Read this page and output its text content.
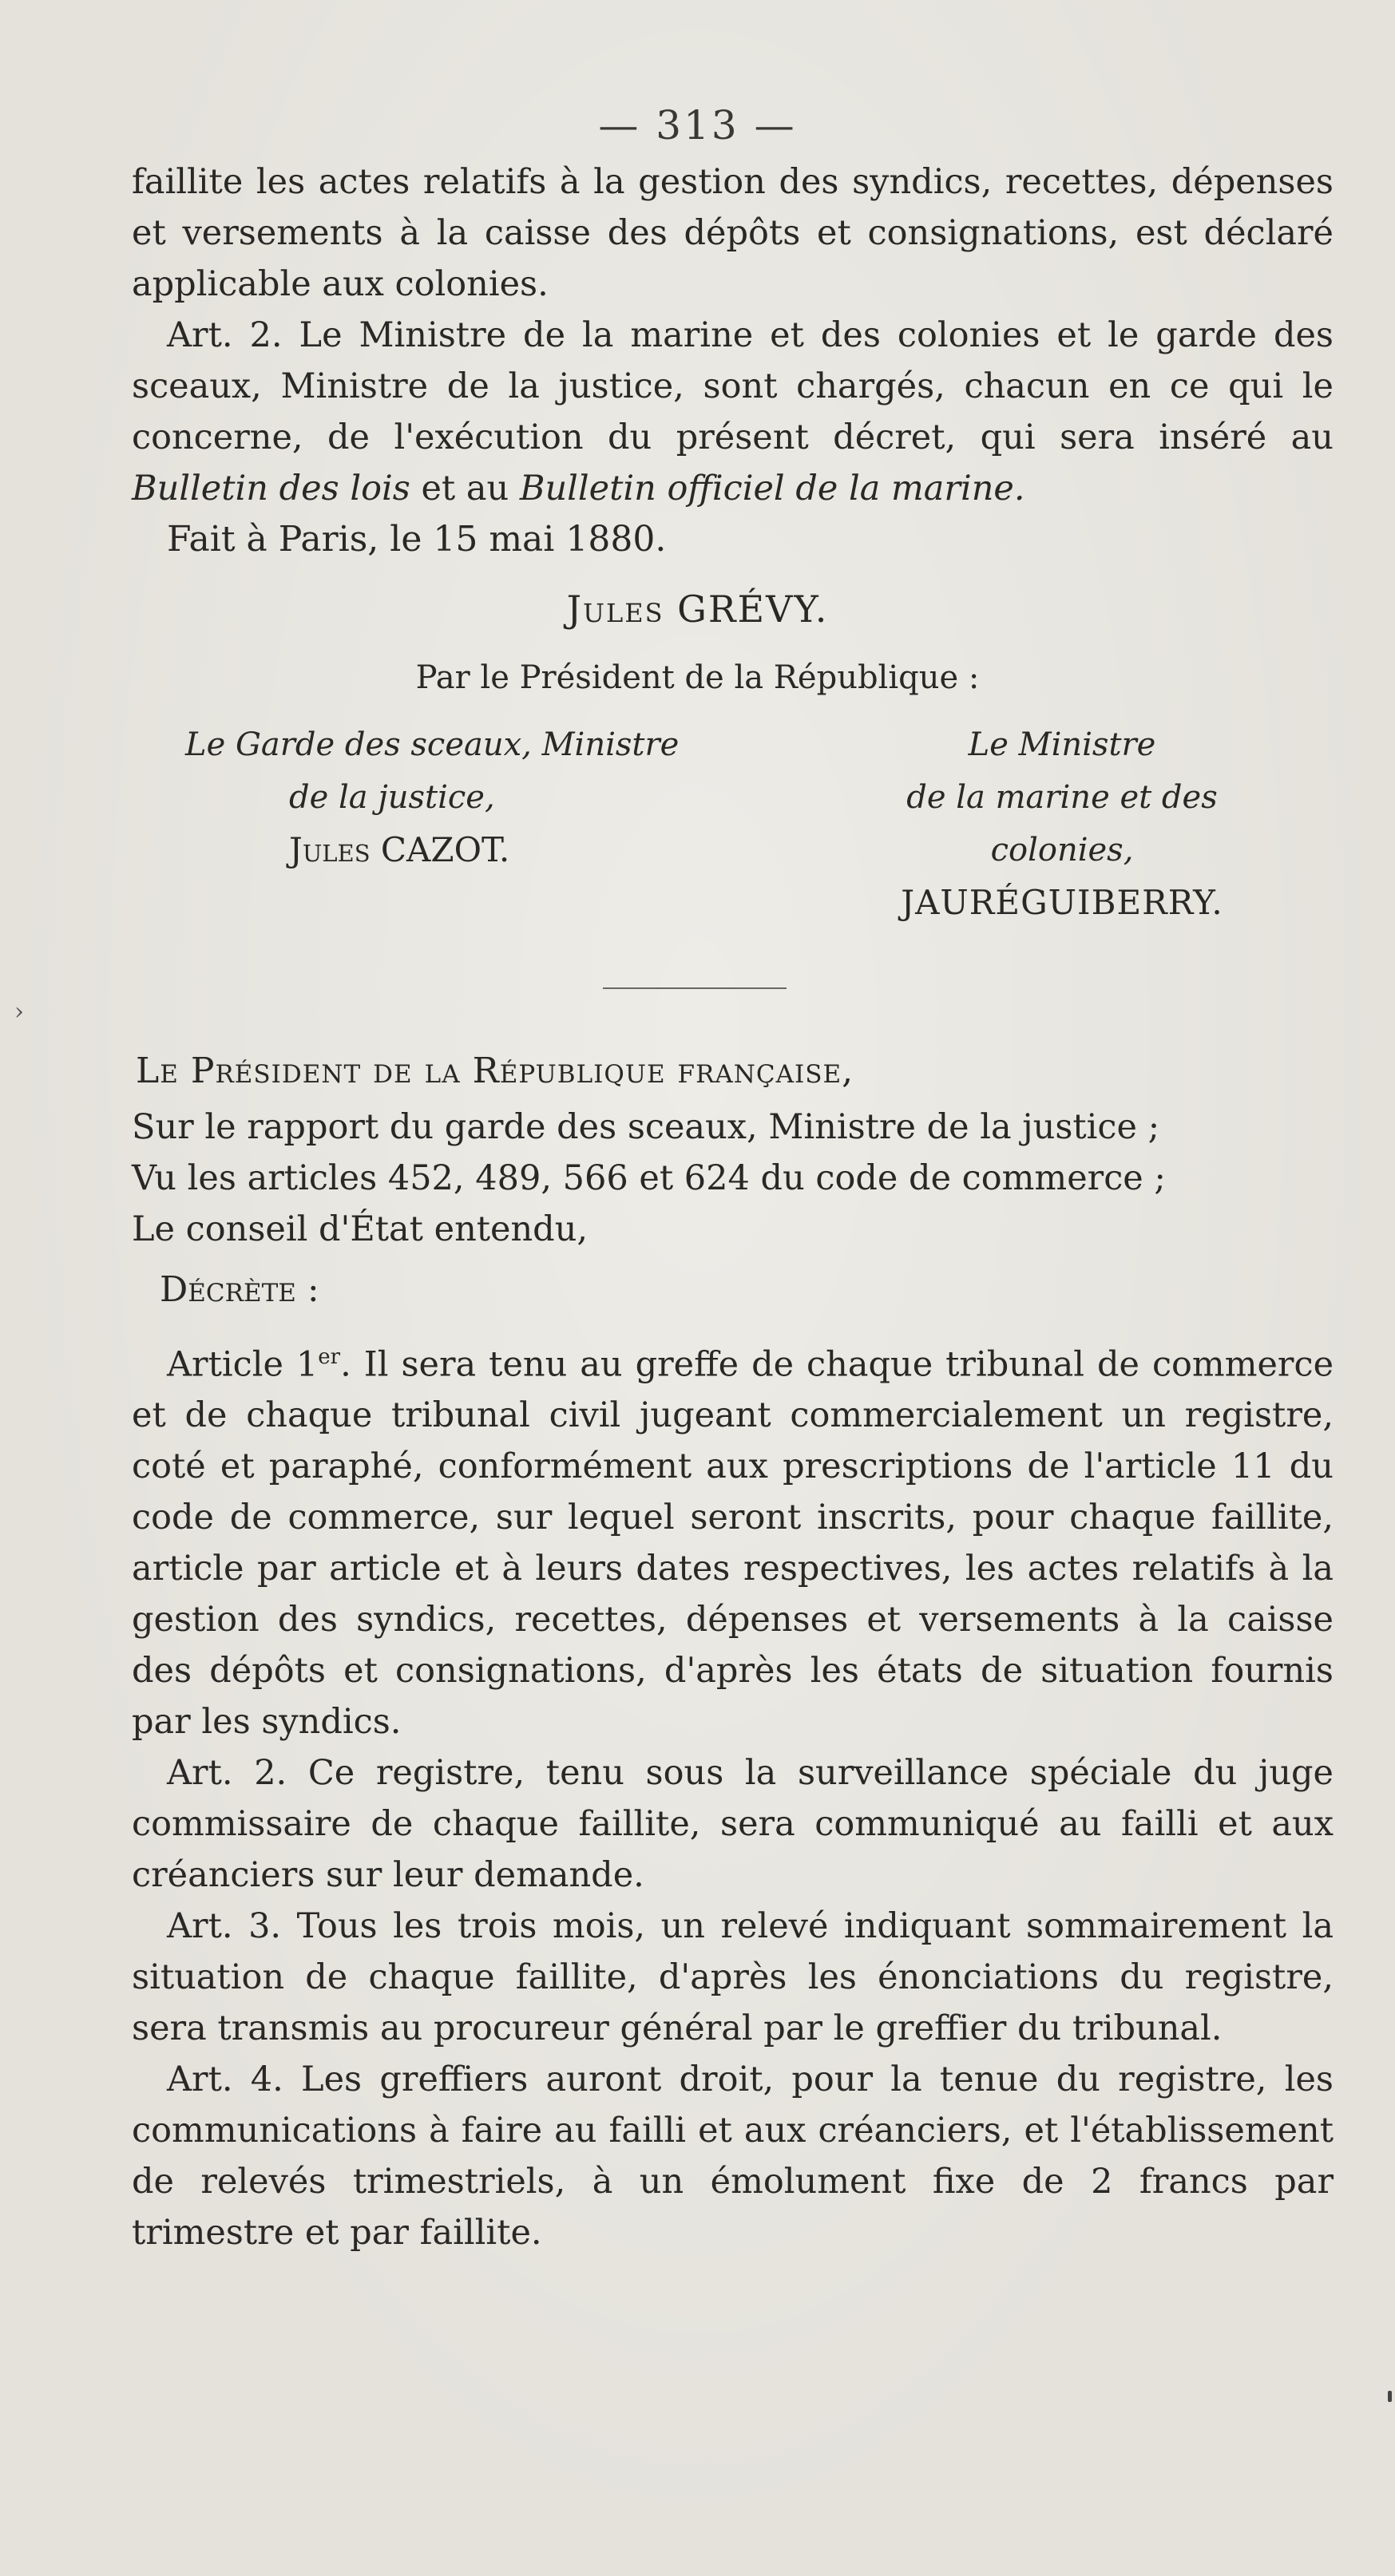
— 313 —

faillite les actes relatifs à la gestion des syndics, recettes, dépenses et versements à la caisse des dépôts et consignations, est déclaré applicable aux colonies.

Art. 2. Le Ministre de la marine et des colonies et le garde des sceaux, Ministre de la justice, sont chargés, chacun en ce qui le concerne, de l'exécution du présent décret, qui sera inséré au Bulletin des lois et au Bulletin officiel de la marine.

Fait à Paris, le 15 mai 1880.

Jules GRÉVY.
Par le Président de la République :
Le Garde des sceaux, Ministre
de la justice,
Jules CAZOT.
Le Ministre
de la marine et des colonies,
JAURÉGUIBERRY.
›
Le Président de la République française,
Sur le rapport du garde des sceaux, Ministre de la justice ;
Vu les articles 452, 489, 566 et 624 du code de commerce ;
Le conseil d'État entendu,
Décrète :

Article 1er. Il sera tenu au greffe de chaque tribunal de commerce et de chaque tribunal civil jugeant commercialement un registre, coté et paraphé, conformément aux prescriptions de l'article 11 du code de commerce, sur lequel seront inscrits, pour chaque faillite, article par article et à leurs dates respectives, les actes relatifs à la gestion des syndics, recettes, dépenses et versements à la caisse des dépôts et consignations, d'après les états de situation fournis par les syndics.

Art. 2. Ce registre, tenu sous la surveillance spéciale du juge commissaire de chaque faillite, sera communiqué au failli et aux créanciers sur leur demande.

Art. 3. Tous les trois mois, un relevé indiquant sommairement la situation de chaque faillite, d'après les énonciations du registre, sera transmis au procureur général par le greffier du tribunal.

Art. 4. Les greffiers auront droit, pour la tenue du registre, les communications à faire au failli et aux créanciers, et l'établissement de relevés trimestriels, à un émolument fixe de 2 francs par trimestre et par faillite.
